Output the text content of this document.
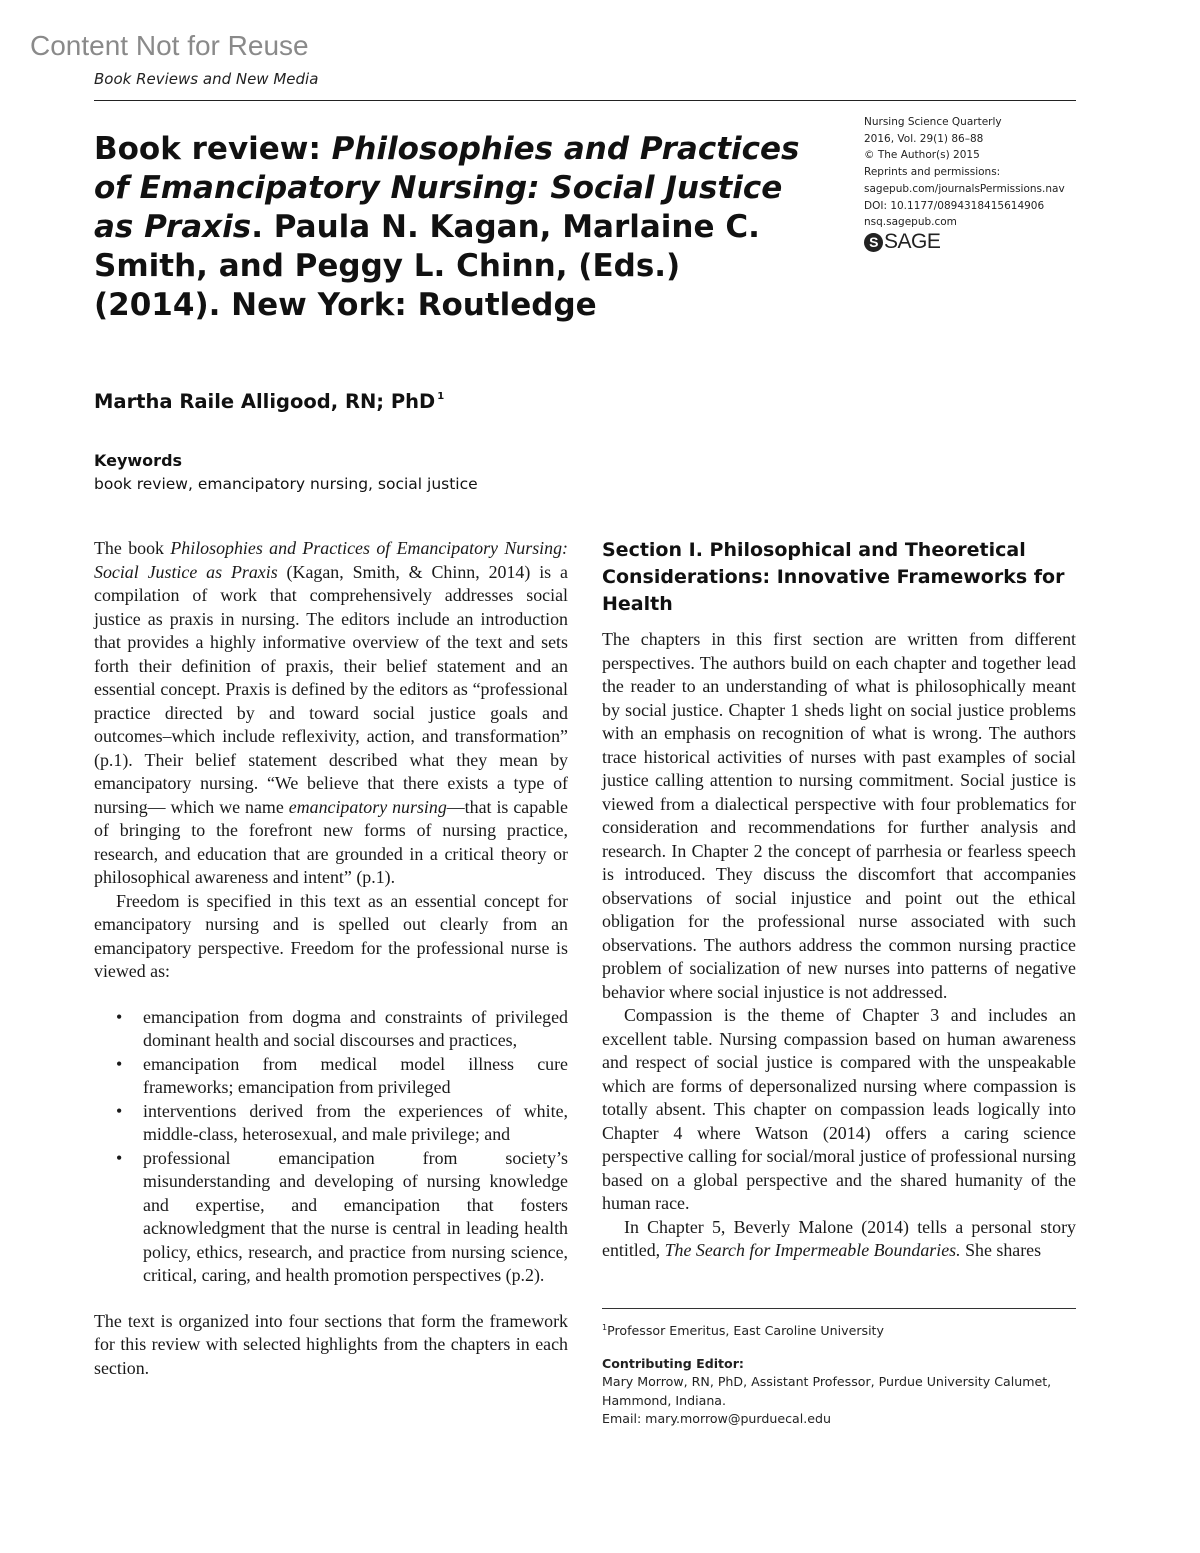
Content Not for Reuse
Book Reviews and New Media
Book review: Philosophies and Practices of Emancipatory Nursing: Social Justice as Praxis. Paula N. Kagan, Marlaine C. Smith, and Peggy L. Chinn, (Eds.) (2014). New York: Routledge
Nursing Science Quarterly
2016, Vol. 29(1) 86–88
© The Author(s) 2015
Reprints and permissions:
sagepub.com/journalsPermissions.nav
DOI: 10.1177/0894318415614906
nsq.sagepub.com
S SAGE
Martha Raile Alligood, RN; PhD $^1$
Keywords
book review, emancipatory nursing, social justice

The book Philosophies and Practices of Emancipatory Nursing: Social Justice as Praxis (Kagan, Smith, & Chinn, 2014) is a compilation of work that comprehensively addresses social justice as praxis in nursing. The editors include an introduction that provides a highly informative overview of the text and sets forth their definition of praxis, their belief statement and an essential concept. Praxis is defined by the editors as “professional practice directed by and toward social justice goals and outcomes–which include reflexivity, action, and transformation” (p.1). Their belief statement described what they mean by emancipatory nursing. “We believe that there exists a type of nursing— which we name emancipatory nursing—that is capable of bringing to the forefront new forms of nursing practice, research, and education that are grounded in a critical theory or philosophical awareness and intent” (p.1).

Freedom is specified in this text as an essential concept for emancipatory nursing and is spelled out clearly from an emancipatory perspective. Freedom for the professional nurse is viewed as:

• emancipation from dogma and constraints of privileged dominant health and social discourses and practices,
• emancipation from medical model illness cure frameworks; emancipation from privileged
• interventions derived from the experiences of white, middle-class, heterosexual, and male privilege; and
• professional emancipation from society’s misunderstanding and developing of nursing knowledge and expertise, and emancipation that fosters acknowledgment that the nurse is central in leading health policy, ethics, research, and practice from nursing science, critical, caring, and health promotion perspectives (p.2).

The text is organized into four sections that form the framework for this review with selected highlights from the chapters in each section.

Section I. Philosophical and Theoretical Considerations: Innovative Frameworks for Health

The chapters in this first section are written from different perspectives. The authors build on each chapter and together lead the reader to an understanding of what is philosophically meant by social justice. Chapter 1 sheds light on social justice problems with an emphasis on recognition of what is wrong. The authors trace historical activities of nurses with past examples of social justice calling attention to nursing commitment. Social justice is viewed from a dialectical perspective with four problematics for consideration and recommendations for further analysis and research. In Chapter 2 the concept of parrhesia or fearless speech is introduced. They discuss the discomfort that accompanies observations of social injustice and point out the ethical obligation for the professional nurse associated with such observations. The authors address the common nursing practice problem of socialization of new nurses into patterns of negative behavior where social injustice is not addressed.

Compassion is the theme of Chapter 3 and includes an excellent table. Nursing compassion based on human awareness and respect of social justice is compared with the unspeakable which are forms of depersonalized nursing where compassion is totally absent. This chapter on compassion leads logically into Chapter 4 where Watson (2014) offers a caring science perspective calling for social/moral justice of professional nursing based on a global perspective and the shared humanity of the human race.

In Chapter 5, Beverly Malone (2014) tells a personal story entitled, The Search for Impermeable Boundaries. She shares

$^1$Professor Emeritus, East Caroline University
Contributing Editor:
Mary Morrow, RN, PhD, Assistant Professor, Purdue University Calumet, Hammond, Indiana.
Email: mary.morrow@purduecal.edu
